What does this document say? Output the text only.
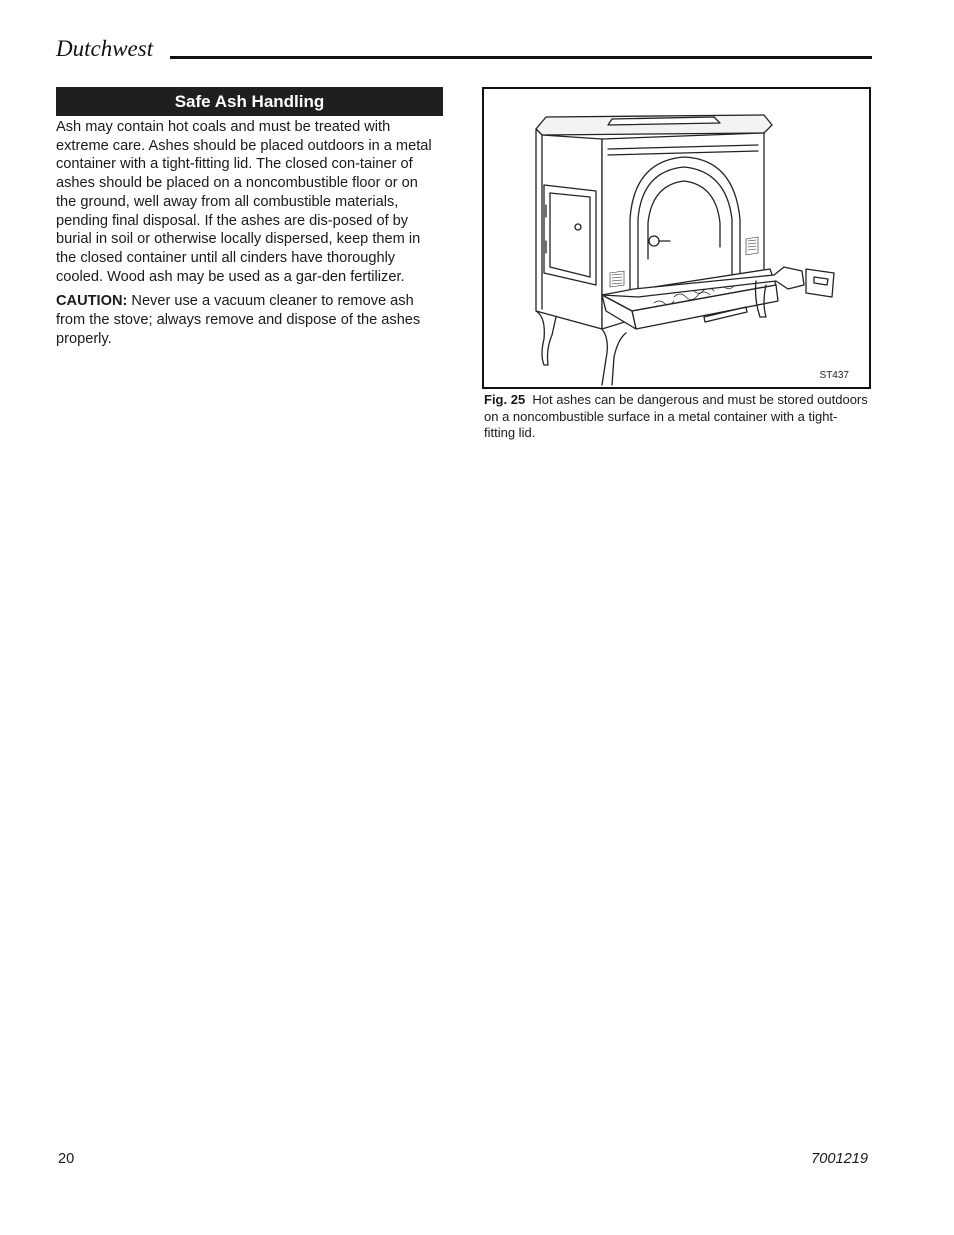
Dutchwest
Safe Ash Handling

Ash may contain hot coals and must be treated with extreme care. Ashes should be placed outdoors in a metal container with a tight-fitting lid. The closed con-tainer of ashes should be placed on a noncombustible floor or on the ground, well away from all combustible materials, pending final disposal. If the ashes are dis-posed of by burial in soil or otherwise locally dispersed, keep them in the closed container until all cinders have thoroughly cooled. Wood ash may be used as a gar-den fertilizer.

CAUTION: Never use a vacuum cleaner to remove ash from the stove; always remove and dispose of the ashes properly.

ST437
Fig. 25 Hot ashes can be dangerous and must be stored outdoors on a noncombustible surface in a metal container with a tight-fitting lid.
20	7001219
